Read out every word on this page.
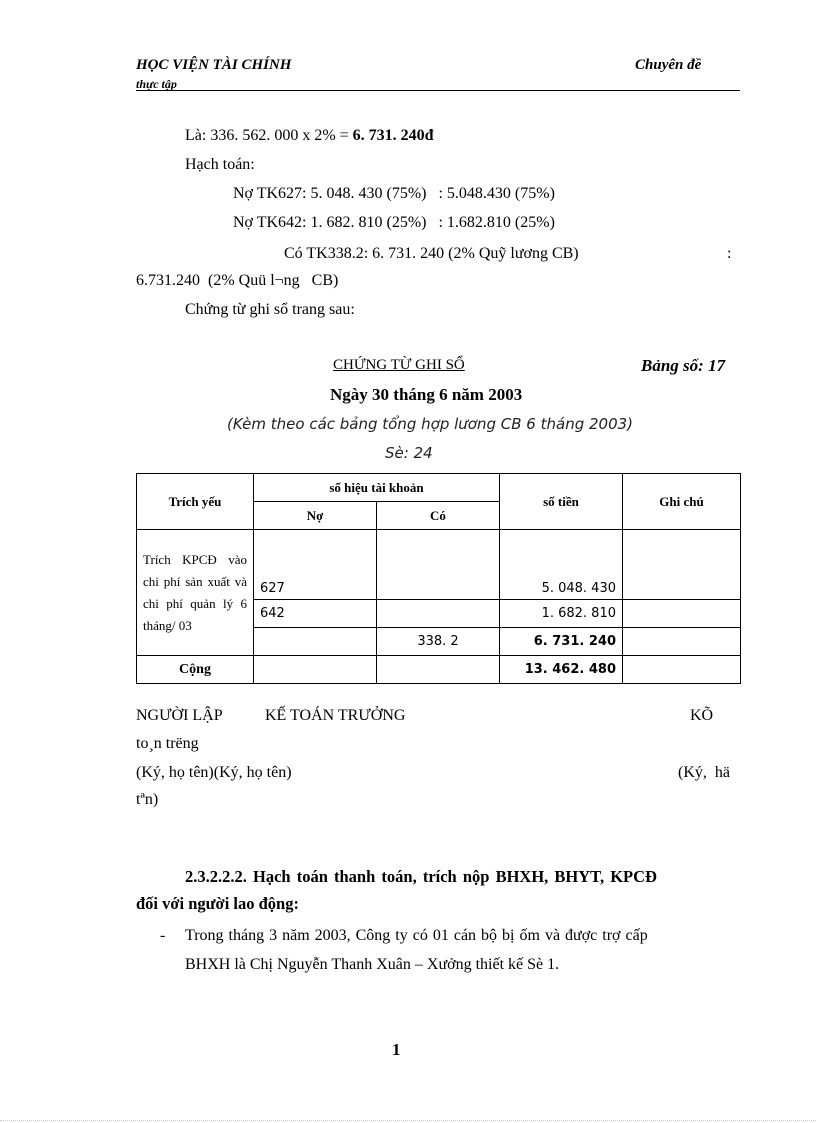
HỌC VIỆN TÀI CHÍNH
thực tập
Chuyên đề
Là: 336. 562. 000 x 2% = 6. 731. 240đ
Hạch toán:
Nợ TK627: 5. 048. 430 (75%)   : 5.048.430 (75%)
Nợ TK642: 1. 682. 810 (25%)   : 1.682.810 (25%)
Có TK338.2: 6. 731. 240 (2% Quỹ lương CB)	:
6.731.240  (2% Quü l¬ng   CB)
Chứng từ ghi sổ trang sau:
CHỨNG TỪ GHI SỔ	Bảng số: 17
Ngày 30 tháng 6 năm 2003
(Kèm theo các bảng tổng hợp lương CB 6 tháng 2003)
Sè: 24
Trích yếu	số hiệu tài khoản		số tiền	Ghi chú
	Nợ	Có		
Trích KPCĐ vào chi phí sản xuất và chi phí quản lý 6 tháng/ 03	627		5. 048. 430	
	642		1. 682. 810	
		338. 2	6. 731. 240	
Cộng			13. 462. 480	
NGƯỜI LẬP	KẾ TOÁN TRƯỞNG	KÕ
to¸n trëng
(Ký, họ tên)(Ký, họ tên)	(Ký,  hä
tªn)
2.3.2.2.2. Hạch toán thanh toán, trích nộp BHXH, BHYT, KPCĐ
đối với người lao động:
- Trong tháng 3 năm 2003, Công ty có 01 cán bộ bị ốm và được trợ cấp
BHXH là Chị Nguyễn Thanh Xuân – Xưởng thiết kế Sè 1.
1
